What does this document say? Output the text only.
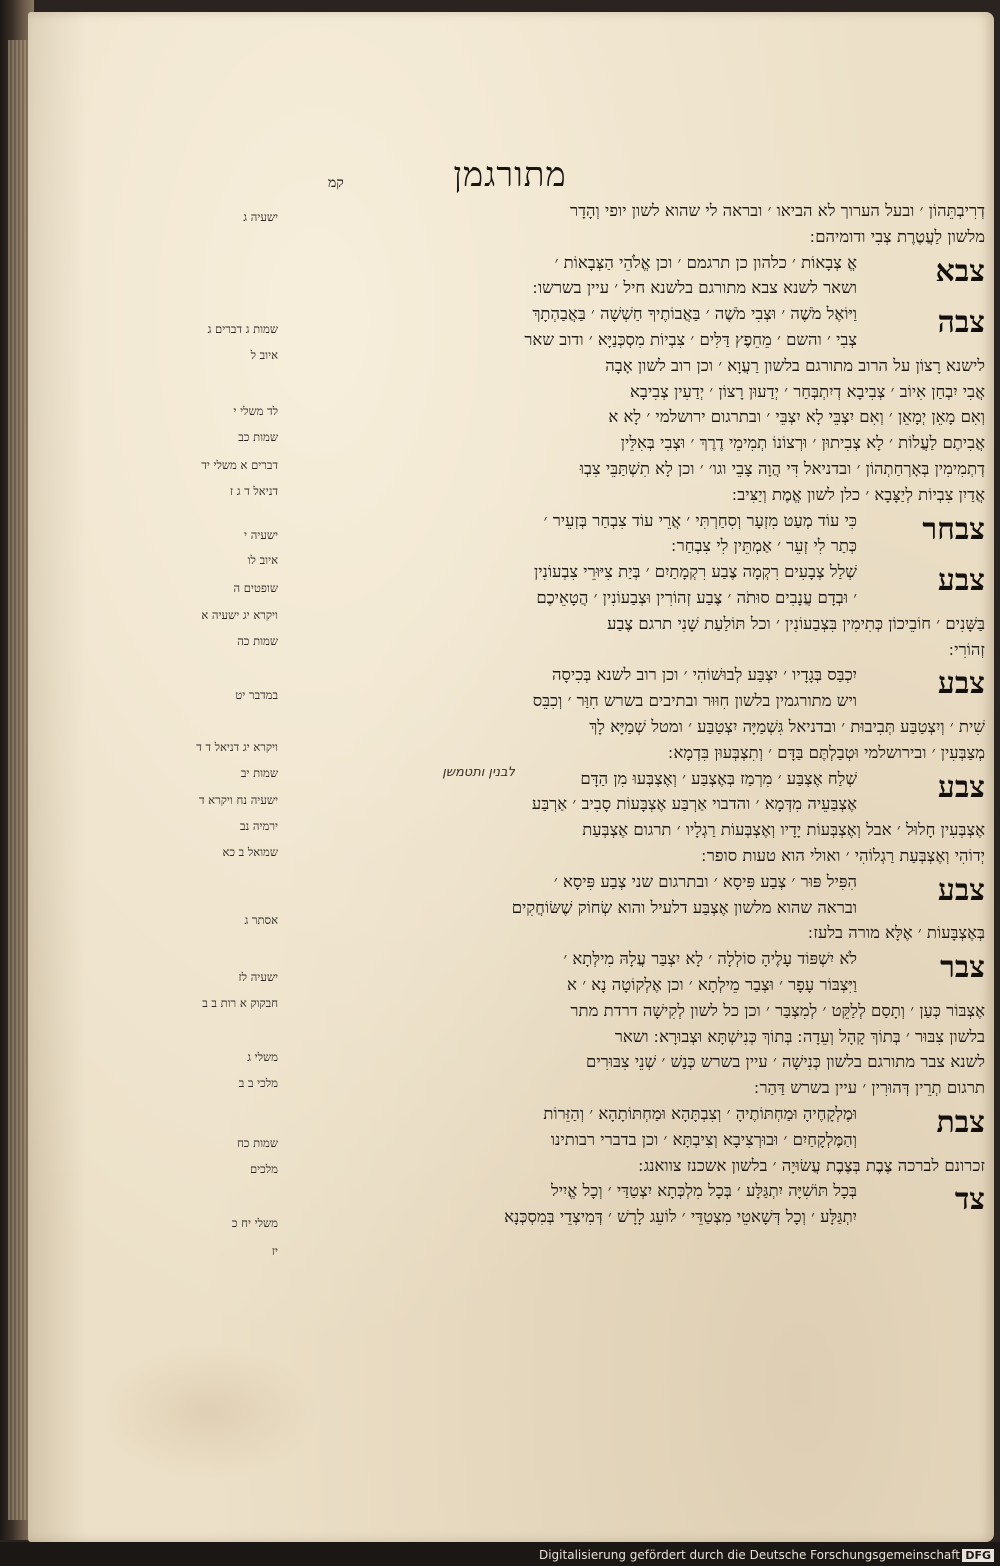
מתורגמן
קמ
דְרִיבְתֵּהוֹן ׳ ובעל הערוך לא הביאו ׳ ובראה לי שהוא לשון יופי וְהָדָר
מלשון לַעֲטֶרֶת צְבִי ודומיהם ׃
צבא
אֱ צְבָאוֹת ׳ כלהון כן תרגמם ׳ וכן אֱלֹהֵי הַצְּבָאוֹת ׳
ושאר לשנא צבא מתורגם בלשנא חיל ׳ עיין בשרשו ׃
צבה
וַיּוֹאֶל מֹשֶׁה ׳ וּצְבִי מֹשֶׁה ׳ בַּאֲבוֹתֶיךָ חַשְׁשָׁה ׳ בַּאֲבַהְתָךְ
צְבִי ׳ והשם ׳ מֵחֵפֶץ דַּלִּים ׳ צִבְיוֹת מִסְכְּנַיָּא ׳ ודוב שאר
לישנא רָצוֹן על הרוב מתורגם בלשון רַעֲוָא ׳ וכן רוב לשון אָבָה
אֲבִי יִבְחַן אִיוֹב ׳ צְבִיבָא דְיִתְבְּחַר ׳ יְדַעוּן רָצוֹן ׳ יְדַעִין צְבִיבָא
וְאִם מָאֵן יְמָאֵן ׳ וְאִם יִצְבֵּי לָא יִצְבֵּי ׳ ובתרגום ירושלמי ׳ לָא א
אֲבִיתֶם לַעֲלוֹת ׳ לָא צְבִיתוּן ׳ וּרְצוֹנוֹ תְמִימֵי דֶרֶךְ ׳ וּצְבִי בְּאִלֵּין
דְתְמִימִין בְּאָרְחַתְהוֹן ׳ ובדניאל דִּי הֲוָה צָבֵי וגו׳ ׳ וכן לָא תִשְׁתַּבֵּי צִבְוּ
אֲדַיִן צִבְיוֹת לְיַצָּבָא ׳ כלן לשון אֱמֶת וְיַצִּיב ׃
צבחר
כִּי עוֹד מְעַט מִזְעָר וְסִחַרְתִּי ׳ אֲרֵי עוֹד צִבְחַר בְּזְעֵיר ׳
כְּתַר לִי זְעֵר ׳ אַמְתֵּין לִי צִבְחַר ׃
צבע
שְׁלַל צְבָעִים רִקְמָה צֶבַע רִקְמָתַיִם ׳ בְּיַת צִיּוּרֵי צִבְעוֹנִין
׳ וּבְדָם עֲנָבִים סוּתֹה ׳ צֶבַע זְהוֹרִין וּצְבַעוֹנִין ׳ הֲטָאֵיכֶם
בַּשָּׁנִים ׳ חוֹבֵיכוֹן כְּתִימִין בִּצְבַעוֹנִין ׳ וכל תּוֹלַעַת שָׁנִי תרגם צֶבַע
זְהוֹרִי ׃
צבע
יִכְבַּס בְּגָדָיו ׳ יִצְבַּע לְבוּשׁוֹהִי ׳ וכן רוב לשנא בְּכִיסָה
ויש מתורגמין בלשון חִוּוּר ובתיבים בשרש חִוַּר ׳ וְכִבֵּס
שִׁית ׳ וְיִצְטַבַּע תְּבִיבוּת ׳ ובדניאל גִּשְׁמַיָּה יִצְטַבַּע ׳ ומטל שְׁמַיָּא לָךְ
מְצַבְּעִין ׳ ובירושלמי וּטְבַלְתֶּם בַּדָּם ׳ וְתִצְבְּעוּן בִּדְמָא ׃
לבנין ותטמשן	צבע
שְׁלַח אֶצְבַּע ׳ מִרְמַז בְּאֶצְבַּע ׳ וְאֶצְבְּעוּ מִן הַדָּם
אֶצְבַּעֵיה מִדְּמָא ׳ והדבוי אַרְבַּע אֶצְבָּעוֹת סָבִיב ׳ אַרְבַּע
אֶצְבְּעִין חָלוּל ׳ אבל וְאֶצְבְּעוֹת יָדָיו וְאֶצְבְּעוֹת רַגְלָיו ׳ תרגום אֶצְבְּעַת
יְדוֹהִי וְאֶצְבְּעַת רַגְלוֹהִי ׳ ואולי הוא טעות סופר ׃
צבע
הִפִּיל פּוּר ׳ צְבַע פִּיסָא ׳ ובתרגום שני צְבַע פִּיסָא ׳
ובראה שהוא מלשון אֶצְבַּע דלעיל והוא שְׂחוֹק שֶׁשּׂוֹחֲקִים
בְּאֶצְבָּעוֹת ׳ אֶלָּא מורה בלעז ׃
צבר
לֹא יִשְׁפּוֹד עָלֶיהָ סוֹלְלָה ׳ לָא יִצְבַּר עֲלָהּ מִילְּתָא ׳
וַיִּצְבּוֹר עָפָר ׳ וּצְבַר מֵילְתָא ׳ וכן אֶלְקוֹטָה נָא ׳ א
אֶצְבּוֹר כְּעַן ׳ וְתָסַם לְלַקֵּט ׳ לְמִצְבַּר ׳ וכן כל לשון לְקִישָׁה דרדת מתר
בלשון צִבּוּר ׳ בְּתוֹךְ קָהָל וְעֵדָה ׃ בְּתוֹךְ כְּנִישְׁתָּא וּצְבוּרָא ׃ ושאר
לשנא צבר מתורגם בלשון כְּנִישָׁה ׳ עיין בשרש כְּנַשׁ ׳ שְׁנֵי צִבּוּרִים
תרגום תְרֵין דְּהוּרִין ׳ עיין בשרש דַּהַר ׃
צבת
וּמֶלְקָחֶיהָ וּמַחְתּוֹתֶיהָ ׳ וְצִבְתָּהָא וּמַחְתּוֹתָהָא ׳ וְהַזֵּרוֹת
וְהַמֶּלְקָחַיִם ׳ וּבוּרְצִיבָא וְצִיבְתָּא ׳ וכן בדברי רבותינו
זכרונם לברכה צֶבֶת בְּצֶבֶת עֲשׂוּיָה ׳ בלשון אשכנז צוואנג ׃
צד
בְּכָל תּוֹשִׁיָּה יִתְגַּלָּע ׳ בְּכָל מִלְכְּתָא יִצְטַדַּי ׳ וְכָל אֱיִיל
יִתְגַּלָּע ׳ וְכָל דְּשָׁאטֵי מִצְטַדֵּי ׳ לוֹעֵג לָרָשׁ ׳ דְּמִיצְדֵי בְּמִסְכְּנָא
ישעיה ג
שמות ג דברים ג
איוב ל
לד משלי י
שמות כב
דברים א משלי יד
דניאל ד ג ז
ישעיה י
איוב לו
שופטים ה
ויקרא יג ישעיה א
שמות כה
במדבר יט
ויקרא יג דניאל ד ד
שמות יב
ישעיה נח ויקרא ד
ירמיה נב
שמואל ב כא
אסתר ג
ישעיה לז
חבקוק א רות ב ב
משלי ג
מלכי ב ב
שמות כח
מלכים
משלי יח כ
יז
Digitalisierung gefördert durch die Deutsche Forschungsgemeinschaft DFG
